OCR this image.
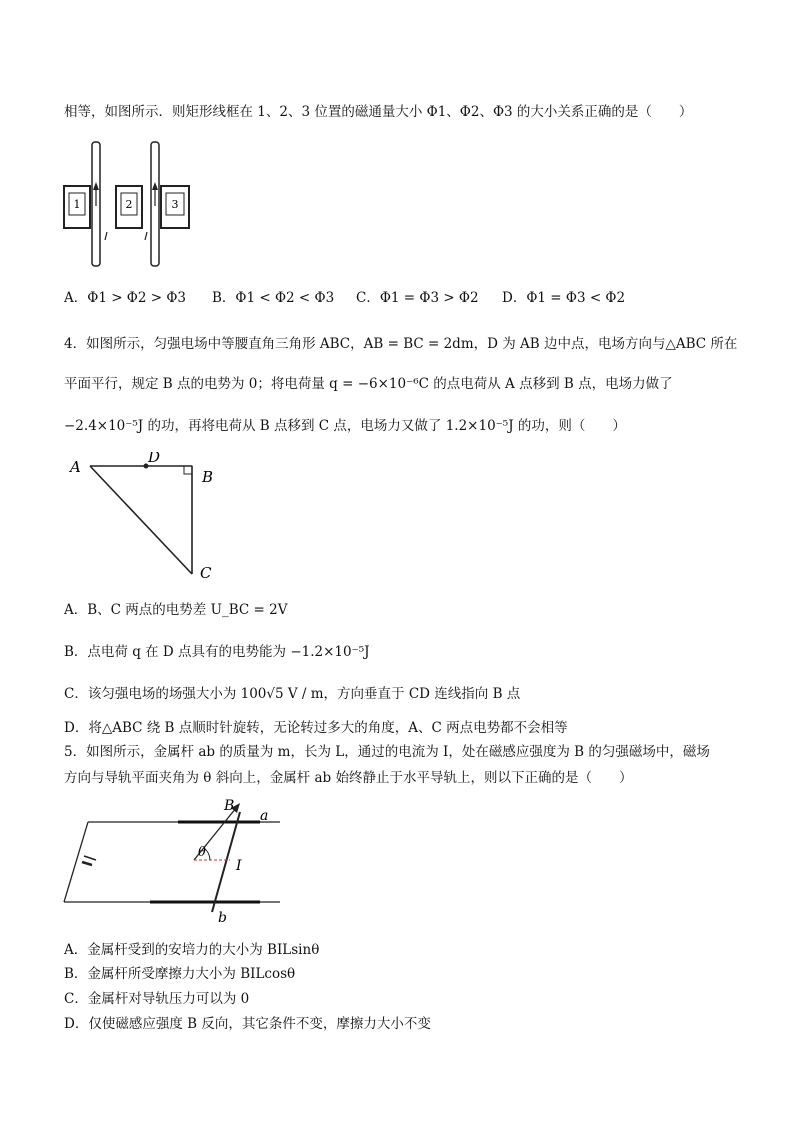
相等，如图所示．则矩形线框在 1、2、3 位置的磁通量大小 Φ1、Φ2、Φ3 的大小关系正确的是（　　）
1	2	3
A．Φ1 > Φ2 > Φ3 B．Φ1 < Φ2 < Φ3 C．Φ1 = Φ3 > Φ2 D．Φ1 = Φ3 < Φ2
4．如图所示，匀强电场中等腰直角三角形 ABC，AB = BC = 2dm，D 为 AB 边中点，电场方向与△ABC 所在
平面平行，规定 B 点的电势为 0；将电荷量 q = −6×10⁻⁶C 的点电荷从 A 点移到 B 点，电场力做了
−2.4×10⁻⁵J 的功，再将电荷从 B 点移到 C 点，电场力又做了 1.2×10⁻⁵J 的功，则（　　）
A
D
B
C
A．B、C 两点的电势差 U_BC = 2V
B．点电荷 q 在 D 点具有的电势能为 −1.2×10⁻⁵J
C．该匀强电场的场强大小为 100√5 V / m，方向垂直于 CD 连线指向 B 点
D．将△ABC 绕 B 点顺时针旋转，无论转过多大的角度，A、C 两点电势都不会相等
5．如图所示，金属杆 ab 的质量为 m，长为 L，通过的电流为 I，处在磁感应强度为 B 的匀强磁场中，磁场
方向与导轨平面夹角为 θ 斜向上，金属杆 ab 始终静止于水平导轨上，则以下正确的是（　　）
B
a
θ
I
b
A．金属杆受到的安培力的大小为 BILsinθ
B．金属杆所受摩擦力大小为 BILcosθ
C．金属杆对导轨压力可以为 0
D．仅使磁感应强度 B 反向，其它条件不变，摩擦力大小不变
